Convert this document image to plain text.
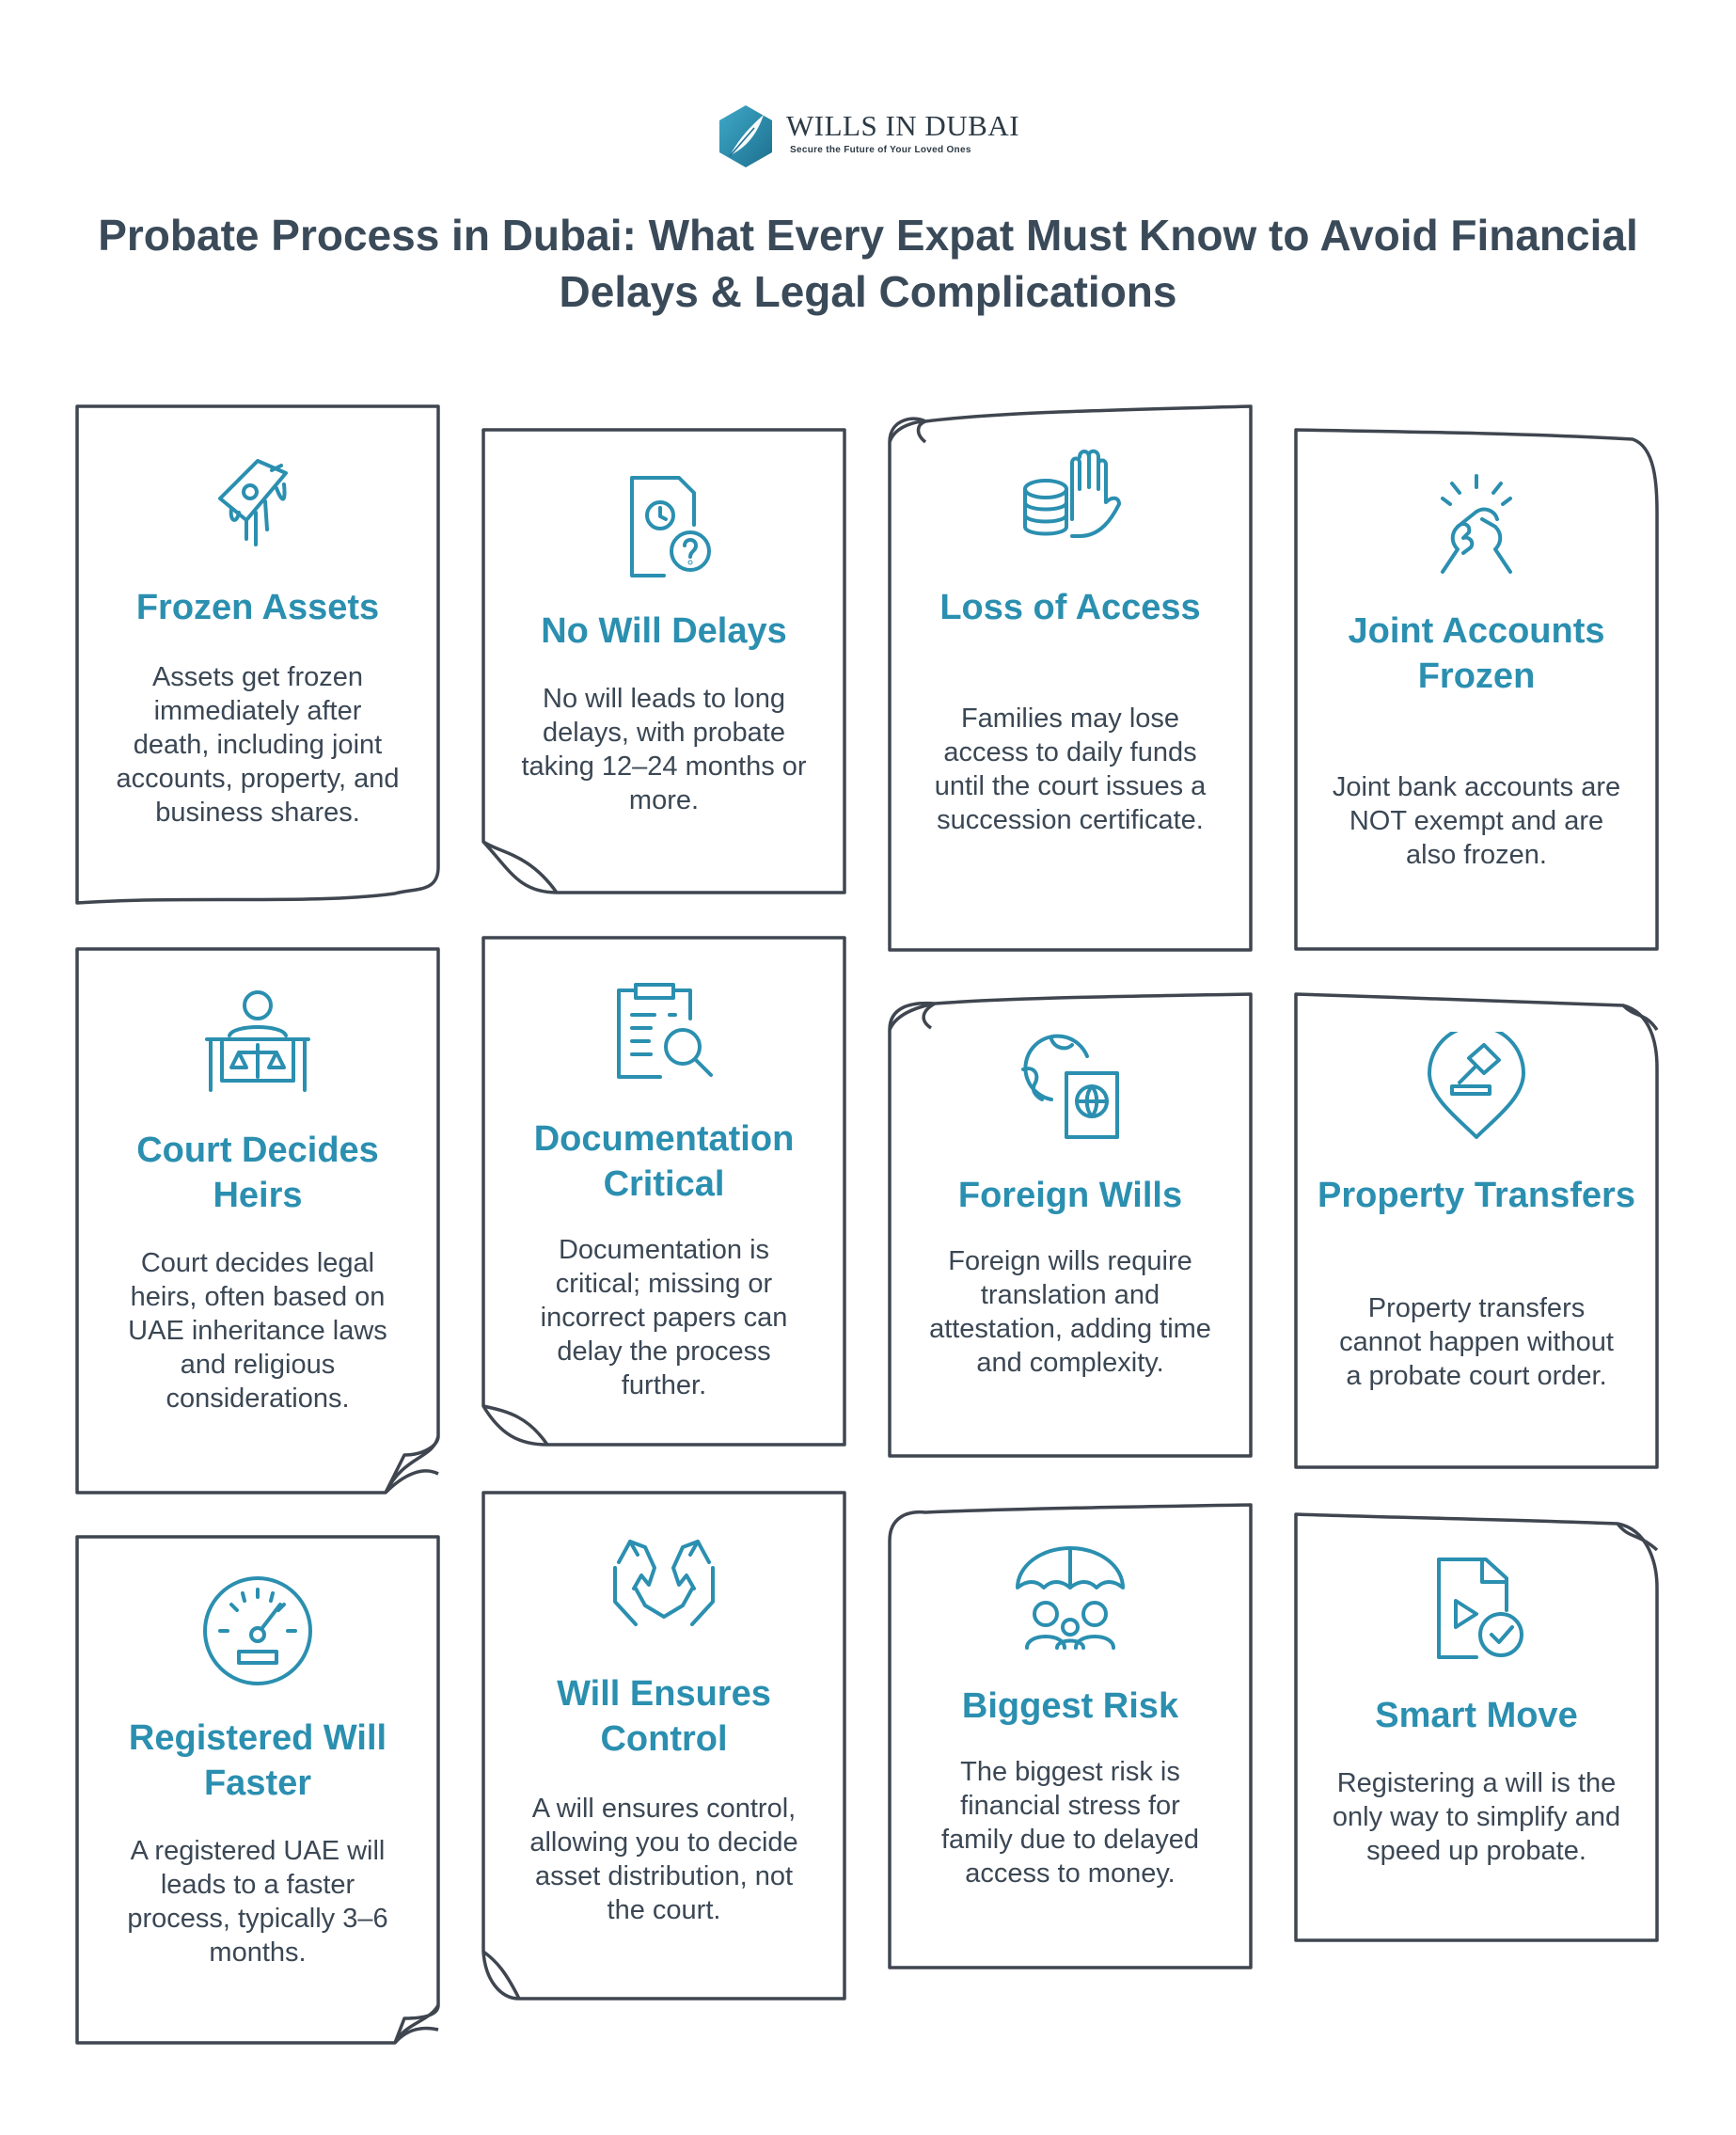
WILLS IN DUBAI
Secure the Future of Your Loved Ones
Probate Process in Dubai: What Every Expat Must Know to Avoid Financial Delays & Legal Complications
Frozen Assets
Assets get frozen immediately after death, including joint accounts, property, and business shares.
No Will Delays
No will leads to long delays, with probate taking 12–24 months or more.
Loss of Access
Families may lose access to daily funds until the court issues a succession certificate.
Joint Accounts Frozen
Joint bank accounts are NOT exempt and are also frozen.
Court Decides Heirs
Court decides legal heirs, often based on UAE inheritance laws and religious considerations.
Documentation Critical
Documentation is critical; missing or incorrect papers can delay the process further.
Foreign Wills
Foreign wills require translation and attestation, adding time and complexity.
Property Transfers
Property transfers cannot happen without a probate court order.
Registered Will Faster
A registered UAE will leads to a faster process, typically 3–6 months.
Will Ensures Control
A will ensures control, allowing you to decide asset distribution, not the court.
Biggest Risk
The biggest risk is financial stress for family due to delayed access to money.
Smart Move
Registering a will is the only way to simplify and speed up probate.
